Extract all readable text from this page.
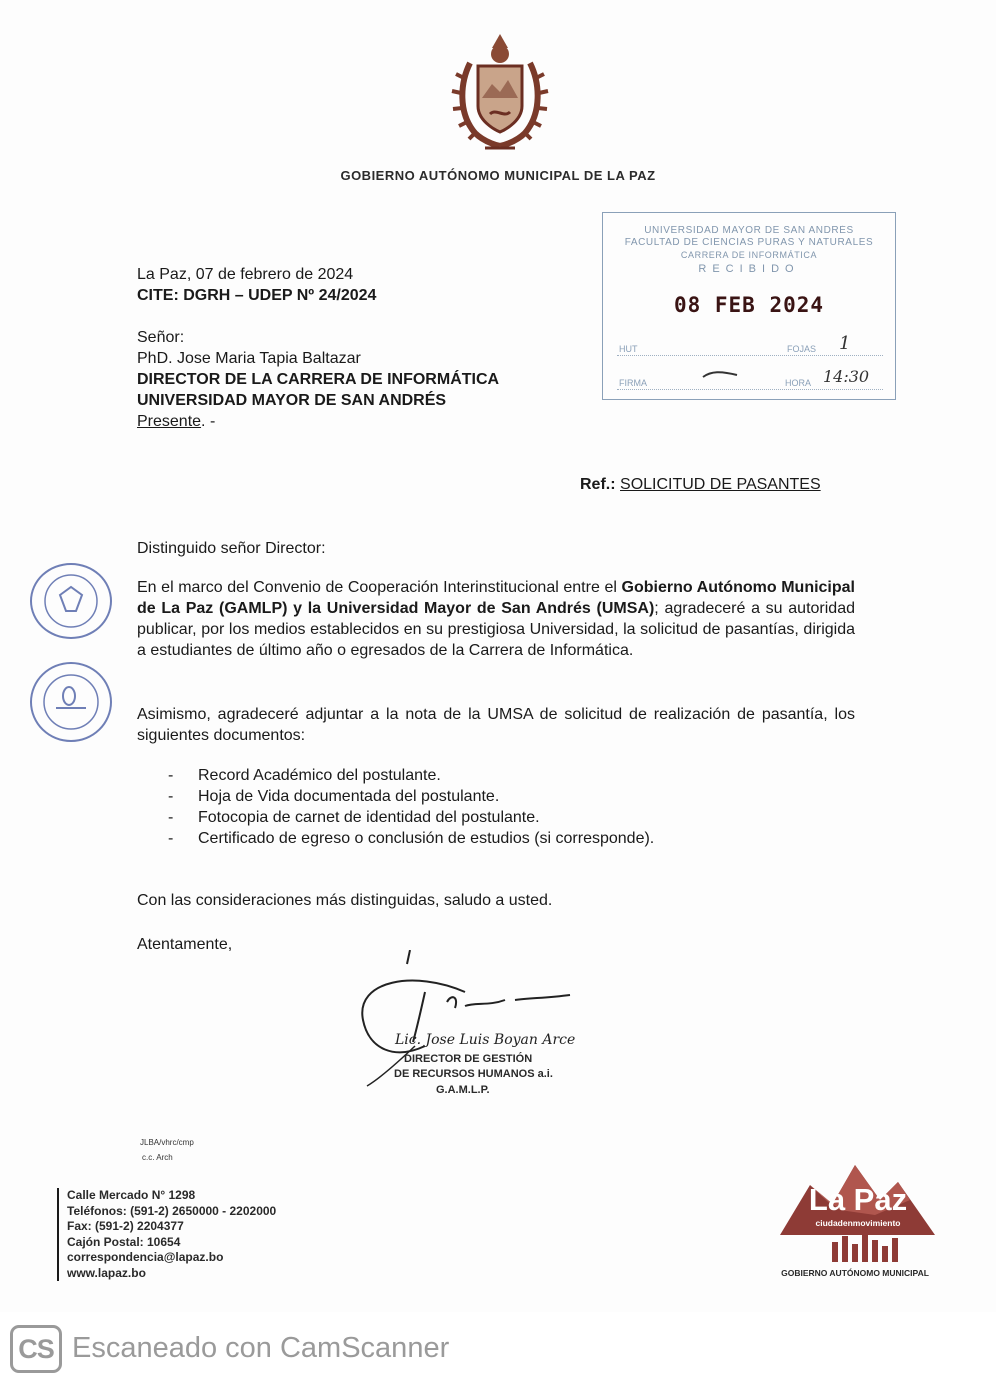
GOBIERNO AUTÓNOMO MUNICIPAL DE LA PAZ
UNIVERSIDAD MAYOR DE SAN ANDRÉS
FACULTAD DE CIENCIAS PURAS Y NATURALES
CARRERA DE INFORMÁTICA
RECIBIDO
08 FEB 2024
HUT	FOJAS
FIRMA	HORA
1
14:30
La Paz, 07 de febrero de 2024
CITE: DGRH – UDEP Nº 24/2024
Señor:
PhD. Jose Maria Tapia Baltazar
DIRECTOR DE LA CARRERA DE INFORMÁTICA
UNIVERSIDAD MAYOR DE SAN ANDRÉS
Presente. -
Ref.: SOLICITUD DE PASANTES
Distinguido señor Director:
En el marco del Convenio de Cooperación Interinstitucional entre el Gobierno Autónomo Municipal de La Paz (GAMLP) y la Universidad Mayor de San Andrés (UMSA); agradeceré a su autoridad publicar, por los medios establecidos en su prestigiosa Universidad, la solicitud de pasantías, dirigida a estudiantes de último año o egresados de la Carrera de Informática.
Asimismo, agradeceré adjuntar a la nota de la UMSA de solicitud de realización de pasantía, los siguientes documentos:
- Record Académico del postulante.
- Hoja de Vida documentada del postulante.
- Fotocopia de carnet de identidad del postulante.
- Certificado de egreso o conclusión de estudios (si corresponde).
Con las consideraciones más distinguidas, saludo a usted.
Atentamente,
Lic. Jose Luis Boyan Arce
DIRECTOR DE GESTIÓN
DE RECURSOS HUMANOS a.i.
G.A.M.L.P.
JLBA/vhrc/cmp
c.c. Arch
Calle Mercado N° 1298
Teléfonos: (591-2) 2650000 - 2202000
Fax: (591-2) 2204377
Cajón Postal: 10654
correspondencia@lapaz.bo
www.lapaz.bo
La Paz
ciudadenmovimiento
GOBIERNO AUTÓNOMO MUNICIPAL
CS Escaneado con CamScanner
